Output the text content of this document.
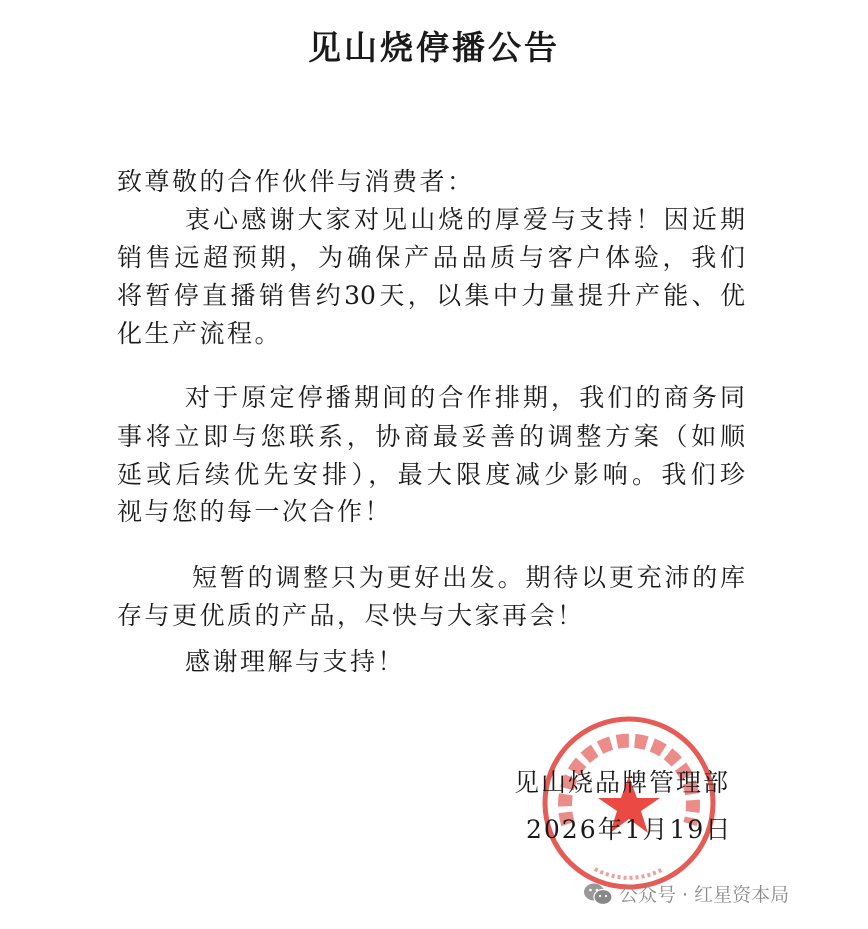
见山烧停播公告
致尊敬的合作伙伴与消费者：
衷心感谢大家对见山烧的厚爱与支持！因近期
销售远超预期，为确保产品品质与客户体验，我们
将暂停直播销售约30天，以集中力量提升产能、优
化生产流程。
对于原定停播期间的合作排期，我们的商务同
事将立即与您联系，协商最妥善的调整方案（如顺
延或后续优先安排），最大限度减少影响。我们珍
视与您的每一次合作！
短暂的调整只为更好出发。期待以更充沛的库
存与更优质的产品，尽快与大家再会！
感谢理解与支持！
见山烧品牌管理部
2026年1月19日
公众号 · 红星资本局
